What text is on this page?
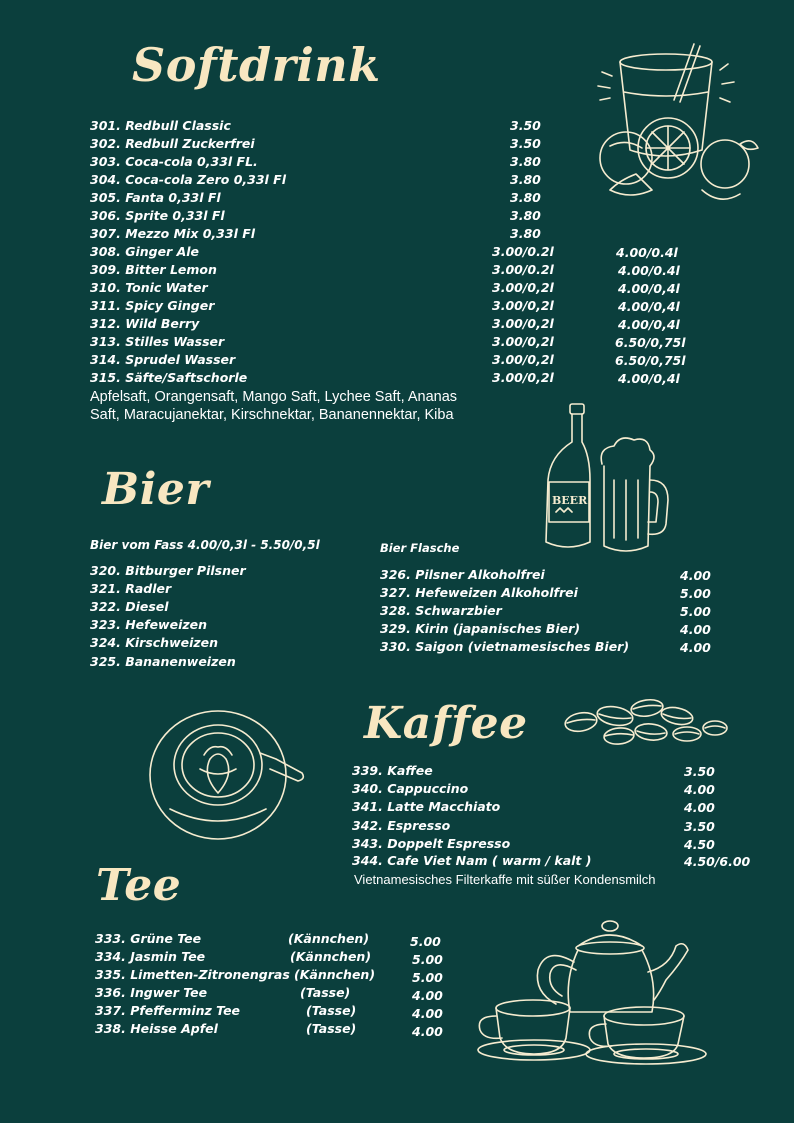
Softdrink
301. Redbull Classic
302. Redbull Zuckerfrei
303. Coca-cola 0,33l FL.
304. Coca-cola Zero 0,33l Fl
305. Fanta 0,33l Fl
306. Sprite 0,33l Fl
307. Mezzo Mix 0,33l Fl
308. Ginger Ale
309. Bitter Lemon
310. Tonic Water
311. Spicy Ginger
312. Wild Berry
313. Stilles Wasser
314. Sprudel Wasser
315. Säfte/Saftschorle
3.50
3.50
3.80
3.80
3.80
3.80
3.80
3.00/0.2l
3.00/0.2l
3.00/0,2l
3.00/0,2l
3.00/0,2l
3.00/0,2l
3.00/0,2l
3.00/0,2l
4.00/0.4l
4.00/0.4l
4.00/0,4l
4.00/0,4l
4.00/0,4l
6.50/0,75l
6.50/0,75l
4.00/0,4l
Apfelsaft, Orangensaft, Mango Saft, Lychee Saft, Ananas
Saft, Maracujanektar, Kirschnektar, Bananennektar, Kiba
Bier
Bier vom Fass 4.00/0,3l - 5.50/0,5l	Bier Flasche
320. Bitburger Pilsner
321. Radler
322. Diesel
323. Hefeweizen
324. Kirschweizen
325. Bananenweizen
326. Pilsner Alkoholfrei
327. Hefeweizen Alkoholfrei
328. Schwarzbier
329. Kirin (japanisches Bier)
330. Saigon (vietnamesisches Bier)
4.00
5.00
5.00
4.00
4.00
BEER
Kaffee
339. Kaffee
340. Cappuccino
341. Latte Macchiato
342. Espresso
343. Doppelt Espresso
344. Cafe Viet Nam ( warm / kalt )
3.50
4.00
4.00
3.50
4.50
4.50/6.00
Vietnamesisches Filterkaffe mit süßer Kondensmilch
Tee
333. Grüne Tee
334. Jasmin Tee
335. Limetten-Zitronengras
336. Ingwer Tee
337. Pfefferminz Tee
338. Heisse Apfel
(Kännchen)
(Kännchen)
(Kännchen)
(Tasse)
(Tasse)
(Tasse)
5.00
5.00
5.00
4.00
4.00
4.00
